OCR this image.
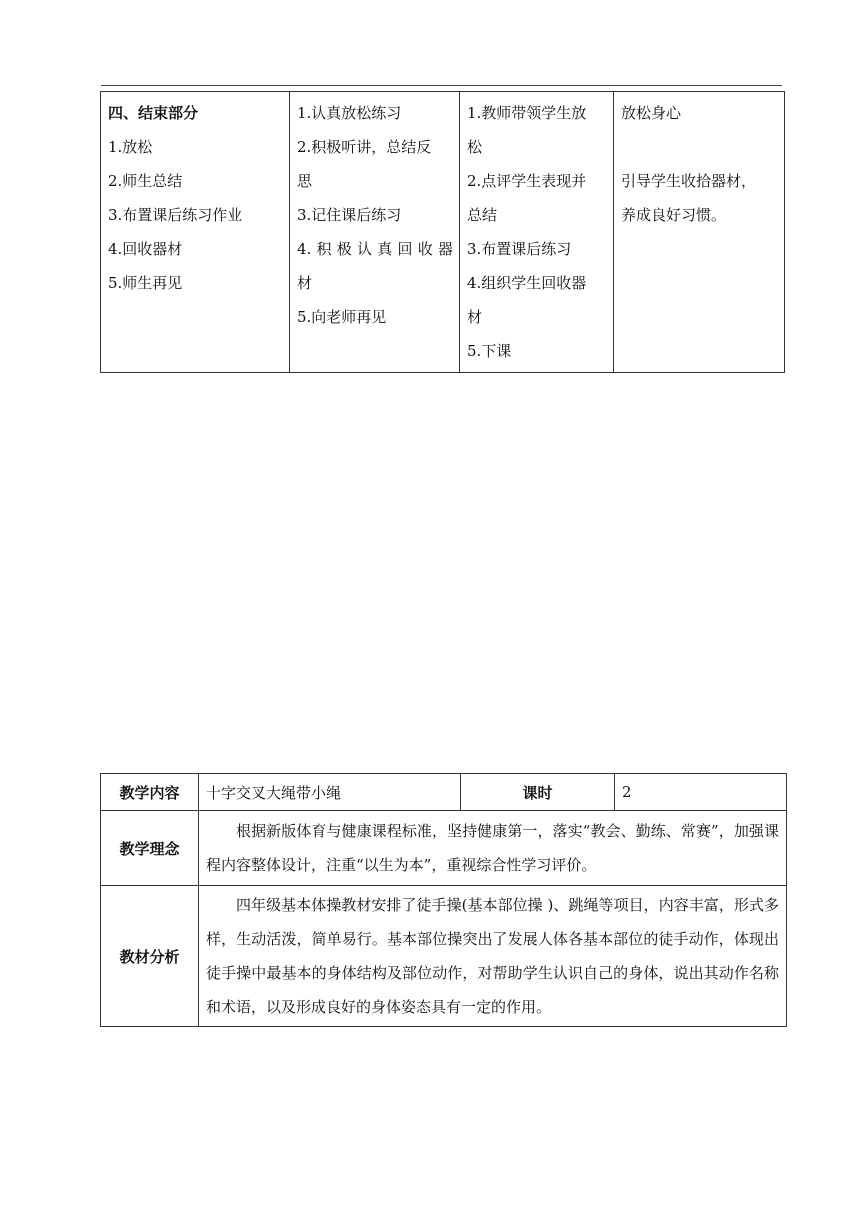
四、结束部分
1.放松
2.师生总结
3.布置课后练习作业
4.回收器材
5.师生再见

1.认真放松练习
2.积极听讲，总结反
思
3.记住课后练习
4.积极认真回收器
材
5.向老师再见

1.教师带领学生放
松
2.点评学生表现并
总结
3.布置课后练习
4.组织学生回收器
材
5.下课

放松身心
引导学生收拾器材，
养成良好习惯。
教学内容	十字交叉大绳带小绳	课时	2
教学理念	根据新版体育与健康课程标准，坚持健康第一，落实“教会、勤练、常赛”，加强课程内容整体设计，注重“以生为本”，重视综合性学习评价。		

教材分析	四年级基本体操教材安排了徒手操(基本部位操 )、跳绳等项目，内容丰富，形式多样，生动活泼，简单易行。基本部位操突出了发展人体各基本部位的徒手动作，体现出徒手操中最基本的身体结构及部位动作，对帮助学生认识自己的身体，说出其动作名称和术语，以及形成良好的身体姿态具有一定的作用。		
